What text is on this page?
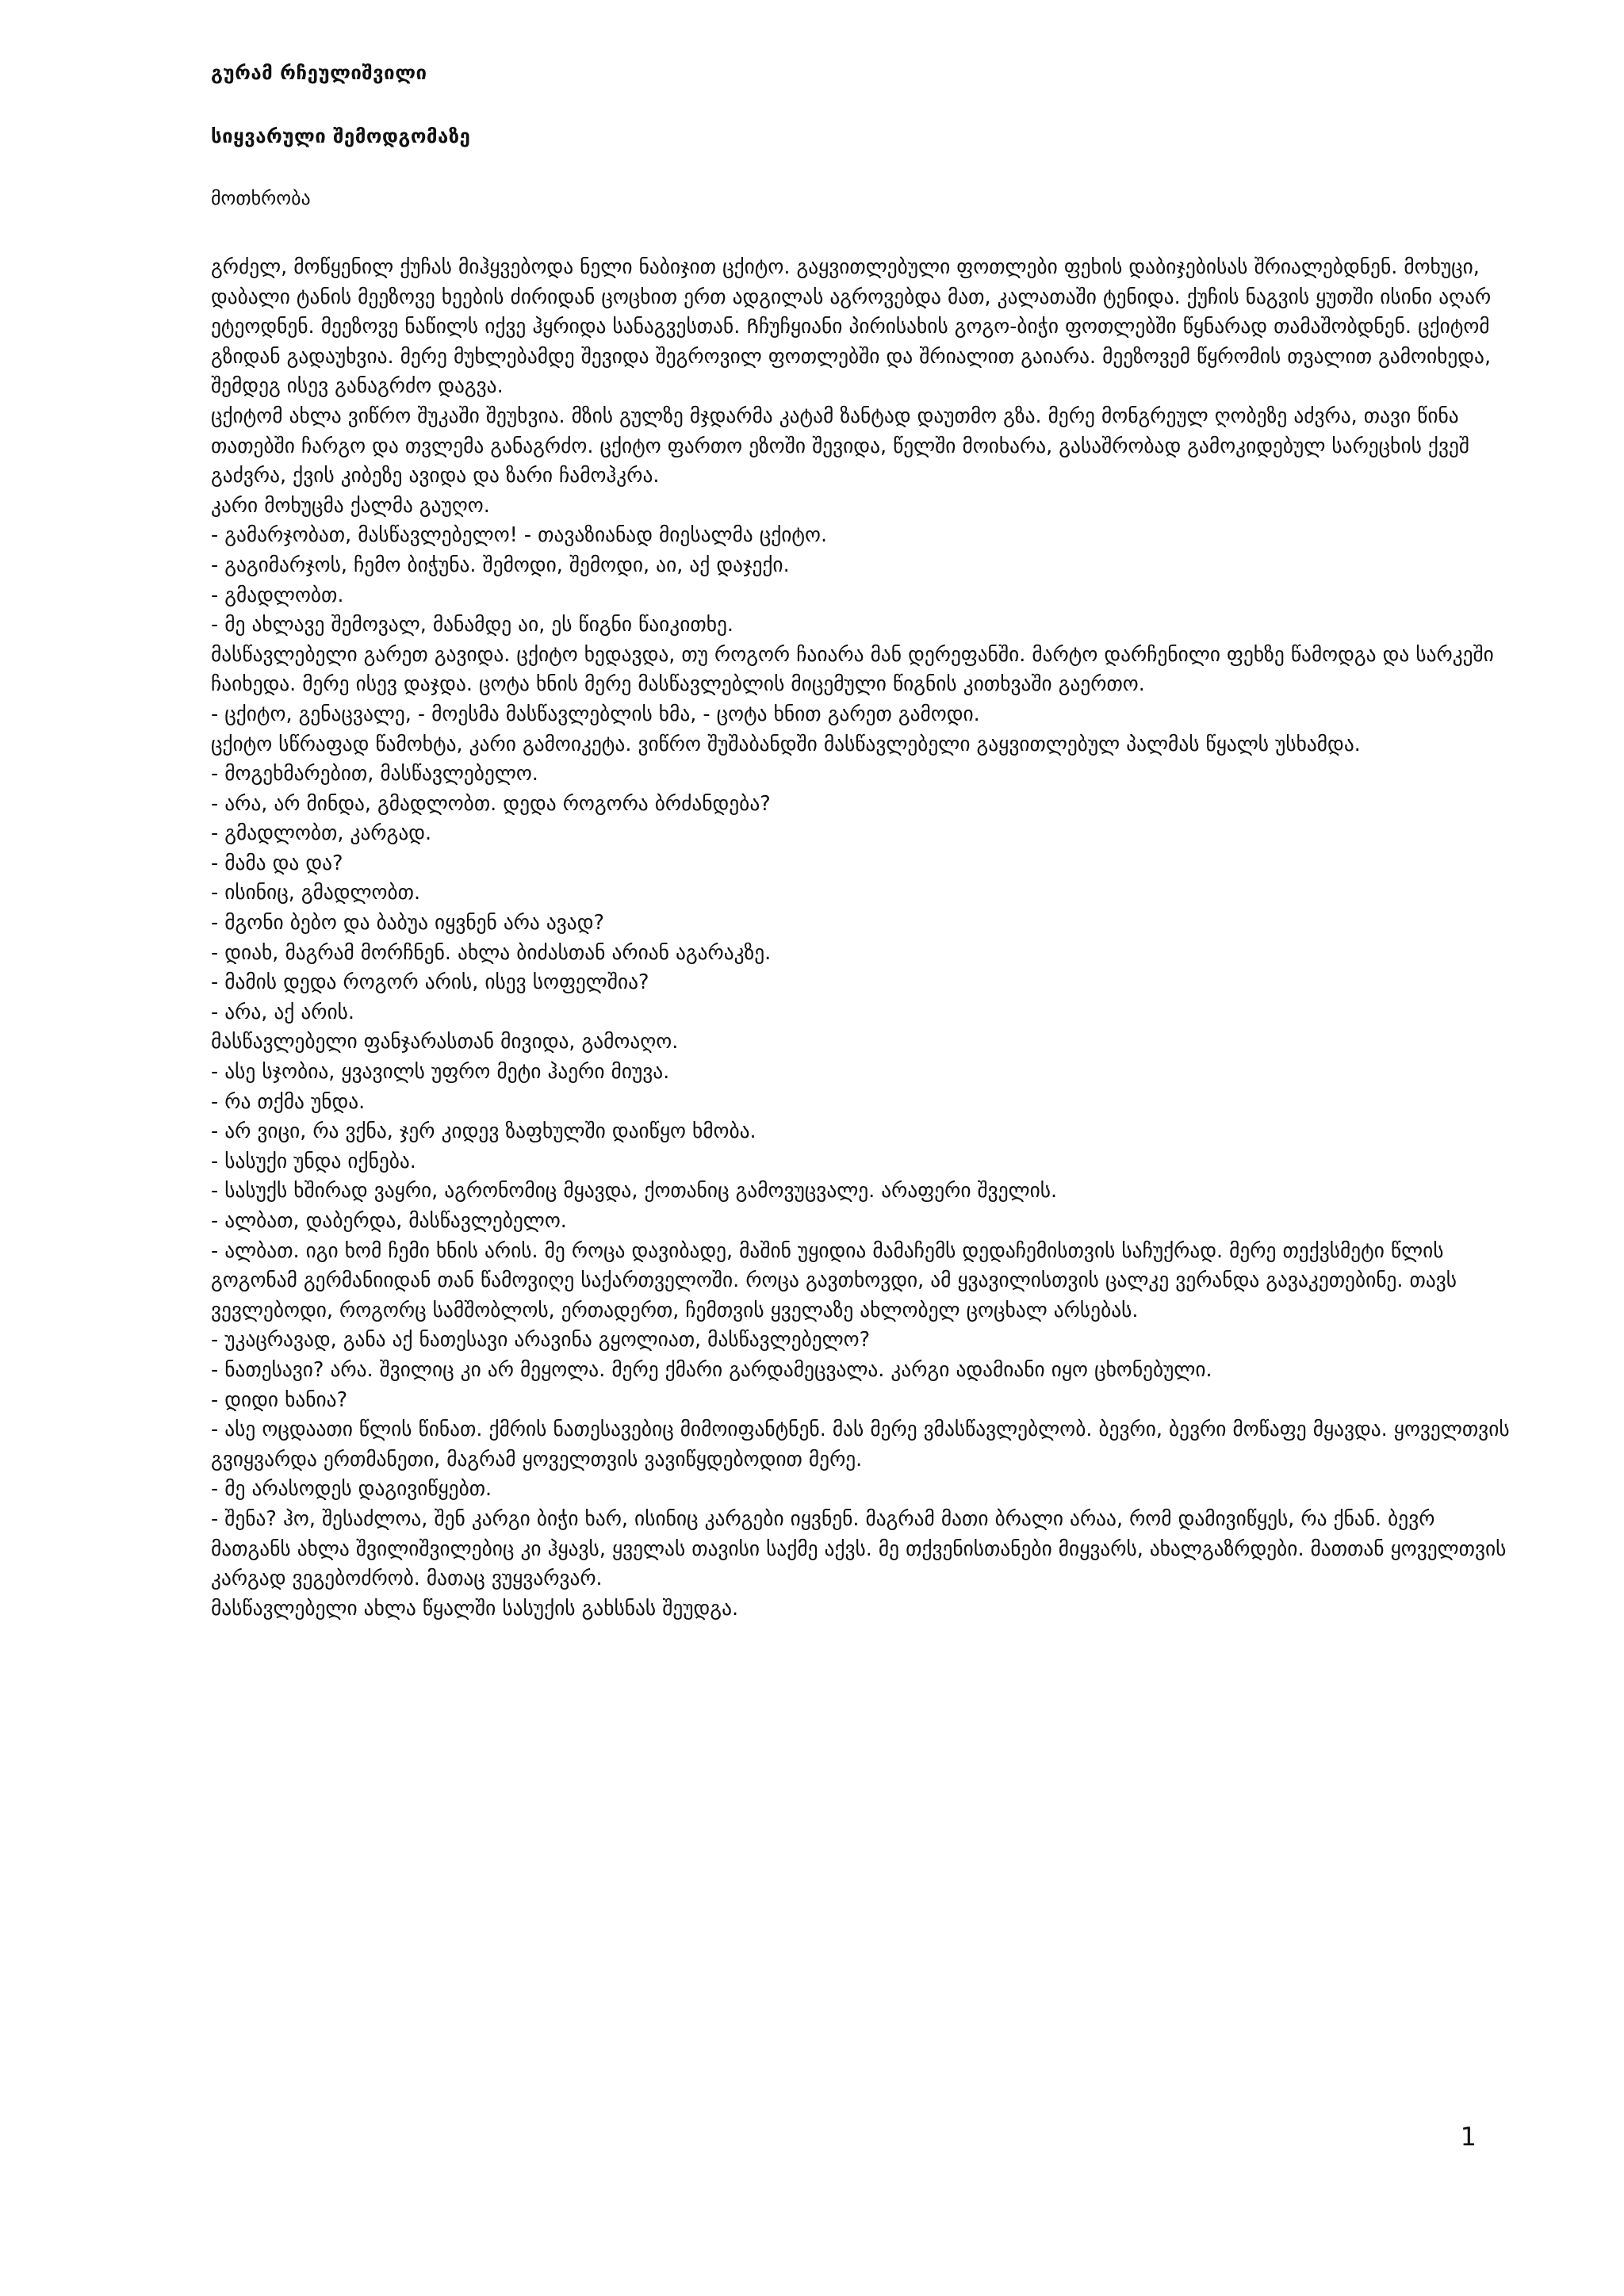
გურამ რჩეულიშვილი
სიყვარული შემოდგომაზე
მოთხრობა

გრძელ, მოწყენილ ქუჩას მიჰყვებოდა ნელი ნაბიჯით ცქიტო. გაყვითლებული ფოთლები ფეხის დაბიჯებისას შრიალებდნენ. მოხუცი, დაბალი ტანის მეეზოვე ხეების ძირიდან ცოცხით ერთ ადგილას აგროვებდა მათ, კალათაში ტენიდა. ქუჩის ნაგვის ყუთში ისინი აღარ ეტეოდნენ. მეეზოვე ნაწილს იქვე ჰყრიდა სანაგვესთან. Ჩჩუჩყიანი პირისახის გოგო-ბიჭი ფოთლებში წყნარად თამაშობდნენ. ცქიტომ გზიდან გადაუხვია. მერე მუხლებამდე შევიდა შეგროვილ ფოთლებში და შრიალით გაიარა. მეეზოვემ წყრომის თვალით გამოიხედა, შემდეგ ისევ განაგრძო დაგვა.

ცქიტომ ახლა ვიწრო შუკაში შეუხვია. მზის გულზე მჯდარმა კატამ ზანტად დაუთმო გზა. მერე მონგრეულ ღობეზე აძვრა, თავი წინა თათებში ჩარგო და თვლემა განაგრძო. ცქიტო ფართო ეზოში შევიდა, წელში მოიხარა, გასაშრობად გამოკიდებულ სარეცხის ქვეშ გაძვრა, ქვის კიბეზე ავიდა და ზარი ჩამოჰკრა.

კარი მოხუცმა ქალმა გაუღო.

- გამარჯობათ, მასწავლებელო! - თავაზიანად მიესალმა ცქიტო.

- გაგიმარჯოს, ჩემო ბიჭუნა. შემოდი, შემოდი, აი, აქ დაჯექი.

- გმადლობთ.

- მე ახლავე შემოვალ, მანამდე აი, ეს წიგნი წაიკითხე.

მასწავლებელი გარეთ გავიდა. ცქიტო ხედავდა, თუ როგორ ჩაიარა მან დერეფანში. მარტო დარჩენილი ფეხზე წამოდგა და სარკეში ჩაიხედა. მერე ისევ დაჯდა. ცოტა ხნის მერე მასწავლებლის მიცემული წიგნის კითხვაში გაერთო.

- ცქიტო, გენაცვალე, - მოესმა მასწავლებლის ხმა, - ცოტა ხნით გარეთ გამოდი.

ცქიტო სწრაფად წამოხტა, კარი გამოიკეტა. ვიწრო შუშაბანდში მასწავლებელი გაყვითლებულ პალმას წყალს უსხამდა.

- მოგეხმარებით, მასწავლებელო.

- არა, არ მინდა, გმადლობთ. დედა როგორა ბრძანდება?

- გმადლობთ, კარგად.

- მამა და და?

- ისინიც, გმადლობთ.

- მგონი ბებო და ბაბუა იყვნენ არა ავად?

- დიახ, მაგრამ მორჩნენ. ახლა ბიძასთან არიან აგარაკზე.

- მამის დედა როგორ არის, ისევ სოფელშია?

- არა, აქ არის.

მასწავლებელი ფანჯარასთან მივიდა, გამოაღო.

- ასე სჯობია, ყვავილს უფრო მეტი ჰაერი მიუვა.

- რა თქმა უნდა.

- არ ვიცი, რა ვქნა, ჯერ კიდევ ზაფხულში დაიწყო ხმობა.

- სასუქი უნდა იქნება.

- სასუქს ხშირად ვაყრი, აგრონომიც მყავდა, ქოთანიც გამოვუცვალე. არაფერი შველის.

- ალბათ, დაბერდა, მასწავლებელო.

- ალბათ. იგი ხომ ჩემი ხნის არის. მე როცა დავიბადე, მაშინ უყიდია მამაჩემს დედაჩემისთვის საჩუქრად. მერე თექვსმეტი წლის გოგონამ გერმანიიდან თან წამოვიღე საქართველოში. როცა გავთხოვდი, ამ ყვავილისთვის ცალკე ვერანდა გავაკეთებინე. თავს ვევლებოდი, როგორც სამშობლოს, ერთადერთ, ჩემთვის ყველაზე ახლობელ ცოცხალ არსებას.

- უკაცრავად, განა აქ ნათესავი არავინა გყოლიათ, მასწავლებელო?

- ნათესავი? არა. შვილიც კი არ მეყოლა. მერე ქმარი გარდამეცვალა. კარგი ადამიანი იყო ცხონებული.

- დიდი ხანია?

- ასე ოცდაათი წლის წინათ. ქმრის ნათესავებიც მიმოიფანტნენ. მას მერე ვმასწავლებლობ. ბევრი, ბევრი მოწაფე მყავდა. ყოველთვის გვიყვარდა ერთმანეთი, მაგრამ ყოველთვის ვავიწყდებოდით მერე.

- მე არასოდეს დაგივიწყებთ.

- შენა? ჰო, შესაძლოა, შენ კარგი ბიჭი ხარ, ისინიც კარგები იყვნენ. მაგრამ მათი ბრალი არაა, რომ დამივიწყეს, რა ქნან. ბევრ მათგანს ახლა შვილიშვილებიც კი ჰყავს, ყველას თავისი საქმე აქვს. მე თქვენისთანები მიყვარს, ახალგაზრდები. მათთან ყოველთვის კარგად ვეგებოძრობ. მათაც ვუყვარვარ.

მასწავლებელი ახლა წყალში სასუქის გახსნას შეუდგა.

1
